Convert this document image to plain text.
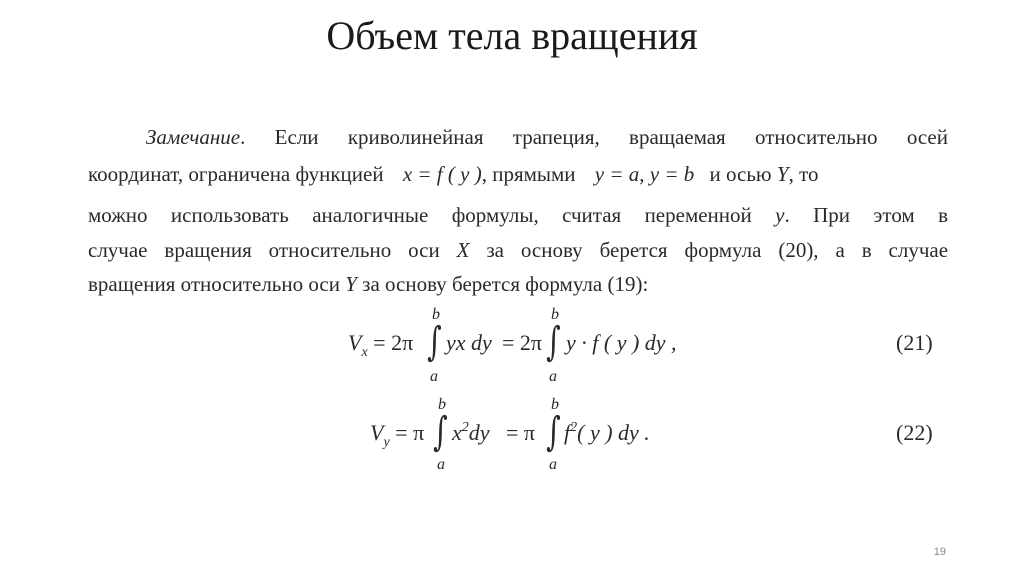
Объем тела вращения
Замечание. Если криволинейная трапеция, вращаемая относительно осей
координат, ограничена функцией x = f ( y ), прямыми y = a, y = b и осью Y, то
можно использовать аналогичные формулы, считая переменной y. При этом в
случае вращения относительно оси X за основу берется формула (20), а в случае
вращения относительно оси Y за основу берется формула (19):
$V_x = 2\pi$
b
∫
a
yx dy = 2π
b
∫
a
y · f ( y ) dy ,	(21)
$V_y = \pi$
b
∫
a
$x^2dy = \pi$
b
∫
a
$f^2$( y ) dy .	(22)
19
